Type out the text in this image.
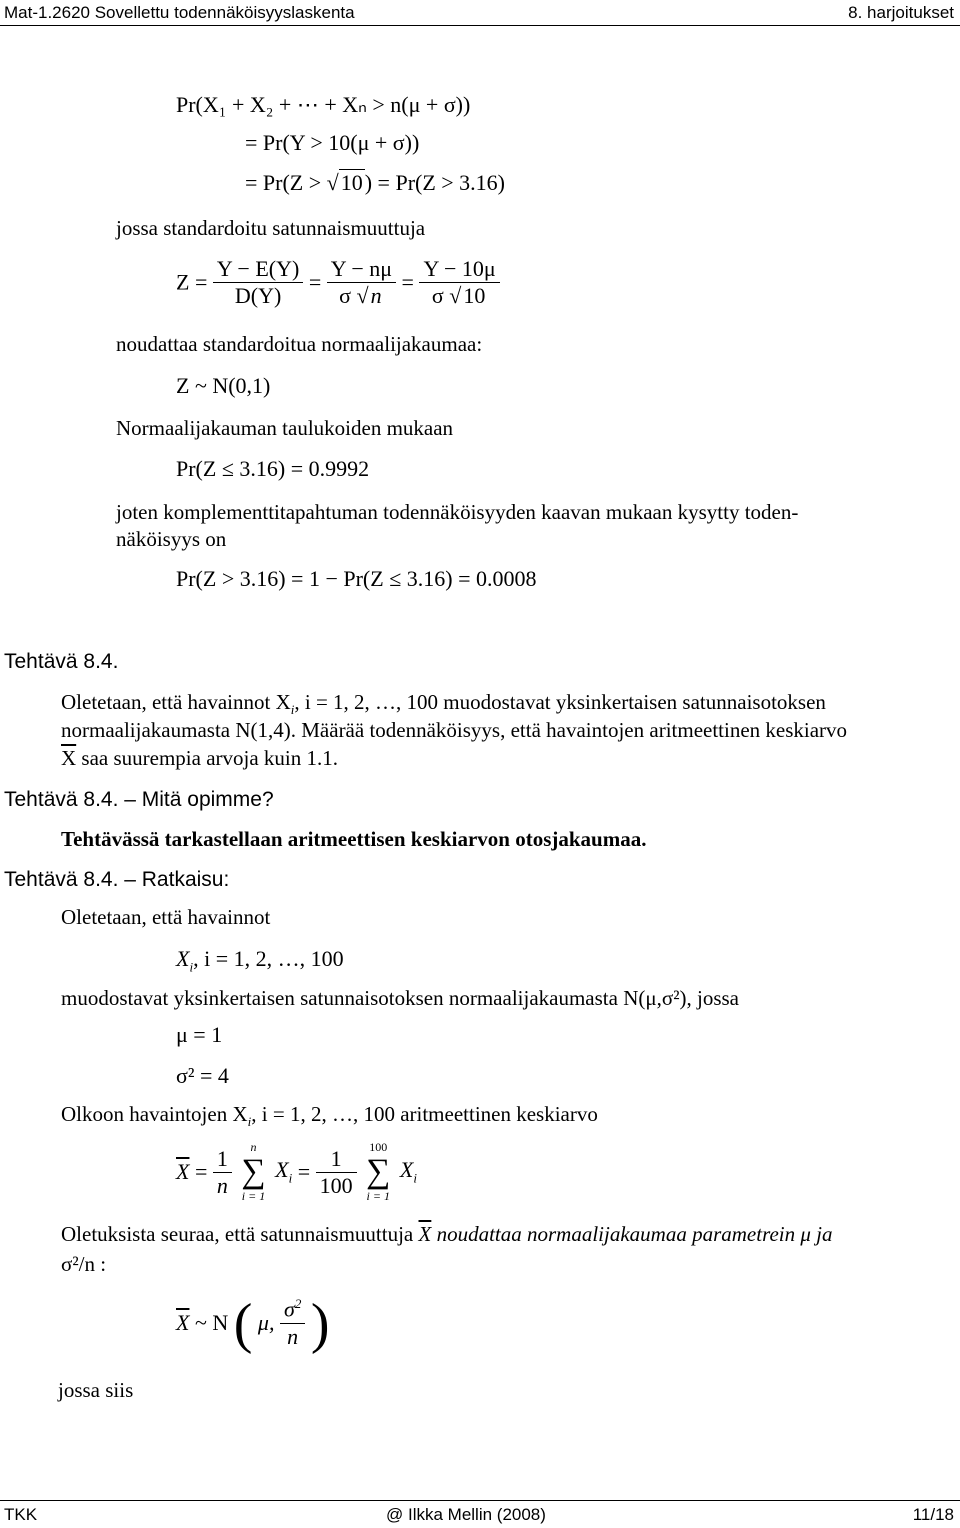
Mat-1.2620 Sovellettu todennäköisyyslaskenta	8. harjoitukset
Pr(X₁ + X₂ + ⋯ + Xₙ > n(μ + σ))
= Pr(Y > 10(μ + σ))
= Pr(Z > √10) = Pr(Z > 3.16)
jossa standardoitu satunnaismuuttuja
$Z = \frac{Y - E(Y)}{D(Y)} = \frac{Y - n\mu}{\sigma √n} = \frac{Y - 10\mu}{\sigma √10}$
noudattaa standardoitua normaalijakaumaa:
Z ~ N(0,1)
Normaalijakauman taulukoiden mukaan
Pr(Z ≤ 3.16) = 0.9992
joten komplementtitapahtuman todennäköisyyden kaavan mukaan kysytty toden-
näköisyys on
Pr(Z > 3.16) = 1 − Pr(Z ≤ 3.16) = 0.0008
Tehtävä 8.4.
Oletetaan, että havainnot $X_i$, i = 1, 2, …, 100 muodostavat yksinkertaisen satunnaisotoksen
normaalijakaumasta N(1,4). Määrää todennäköisyys, että havaintojen aritmeettinen keskiarvo
$\overline{X}$ saa suurempia arvoja kuin 1.1.
Tehtävä 8.4. – Mitä opimme?
Tehtävässä tarkastellaan aritmeettisen keskiarvon otosjakaumaa.
Tehtävä 8.4. – Ratkaisu:
Oletetaan, että havainnot
$X_i$, i = 1, 2, …, 100
muodostavat yksinkertaisen satunnaisotoksen normaalijakaumasta N(μ,σ²), jossa
μ = 1
σ² = 4
Olkoon havaintojen $X_i$, i = 1, 2, …, 100 aritmeettinen keskiarvo
$\overline{X} = \frac{1}{n}$
	n
∑
i = 1
$X_i = \frac{1}{100}$
	100
∑
i = 1
$X_i$
Oletuksista seuraa, että satunnaismuuttuja $\overline{X}$ noudattaa normaalijakaumaa parametrein μ ja
σ²/n :
$\overline{X}$ ~ N ( μ, $\frac{\sigma^2}{n}$ )
jossa siis
TKK	@ Ilkka Mellin (2008)	11/18
